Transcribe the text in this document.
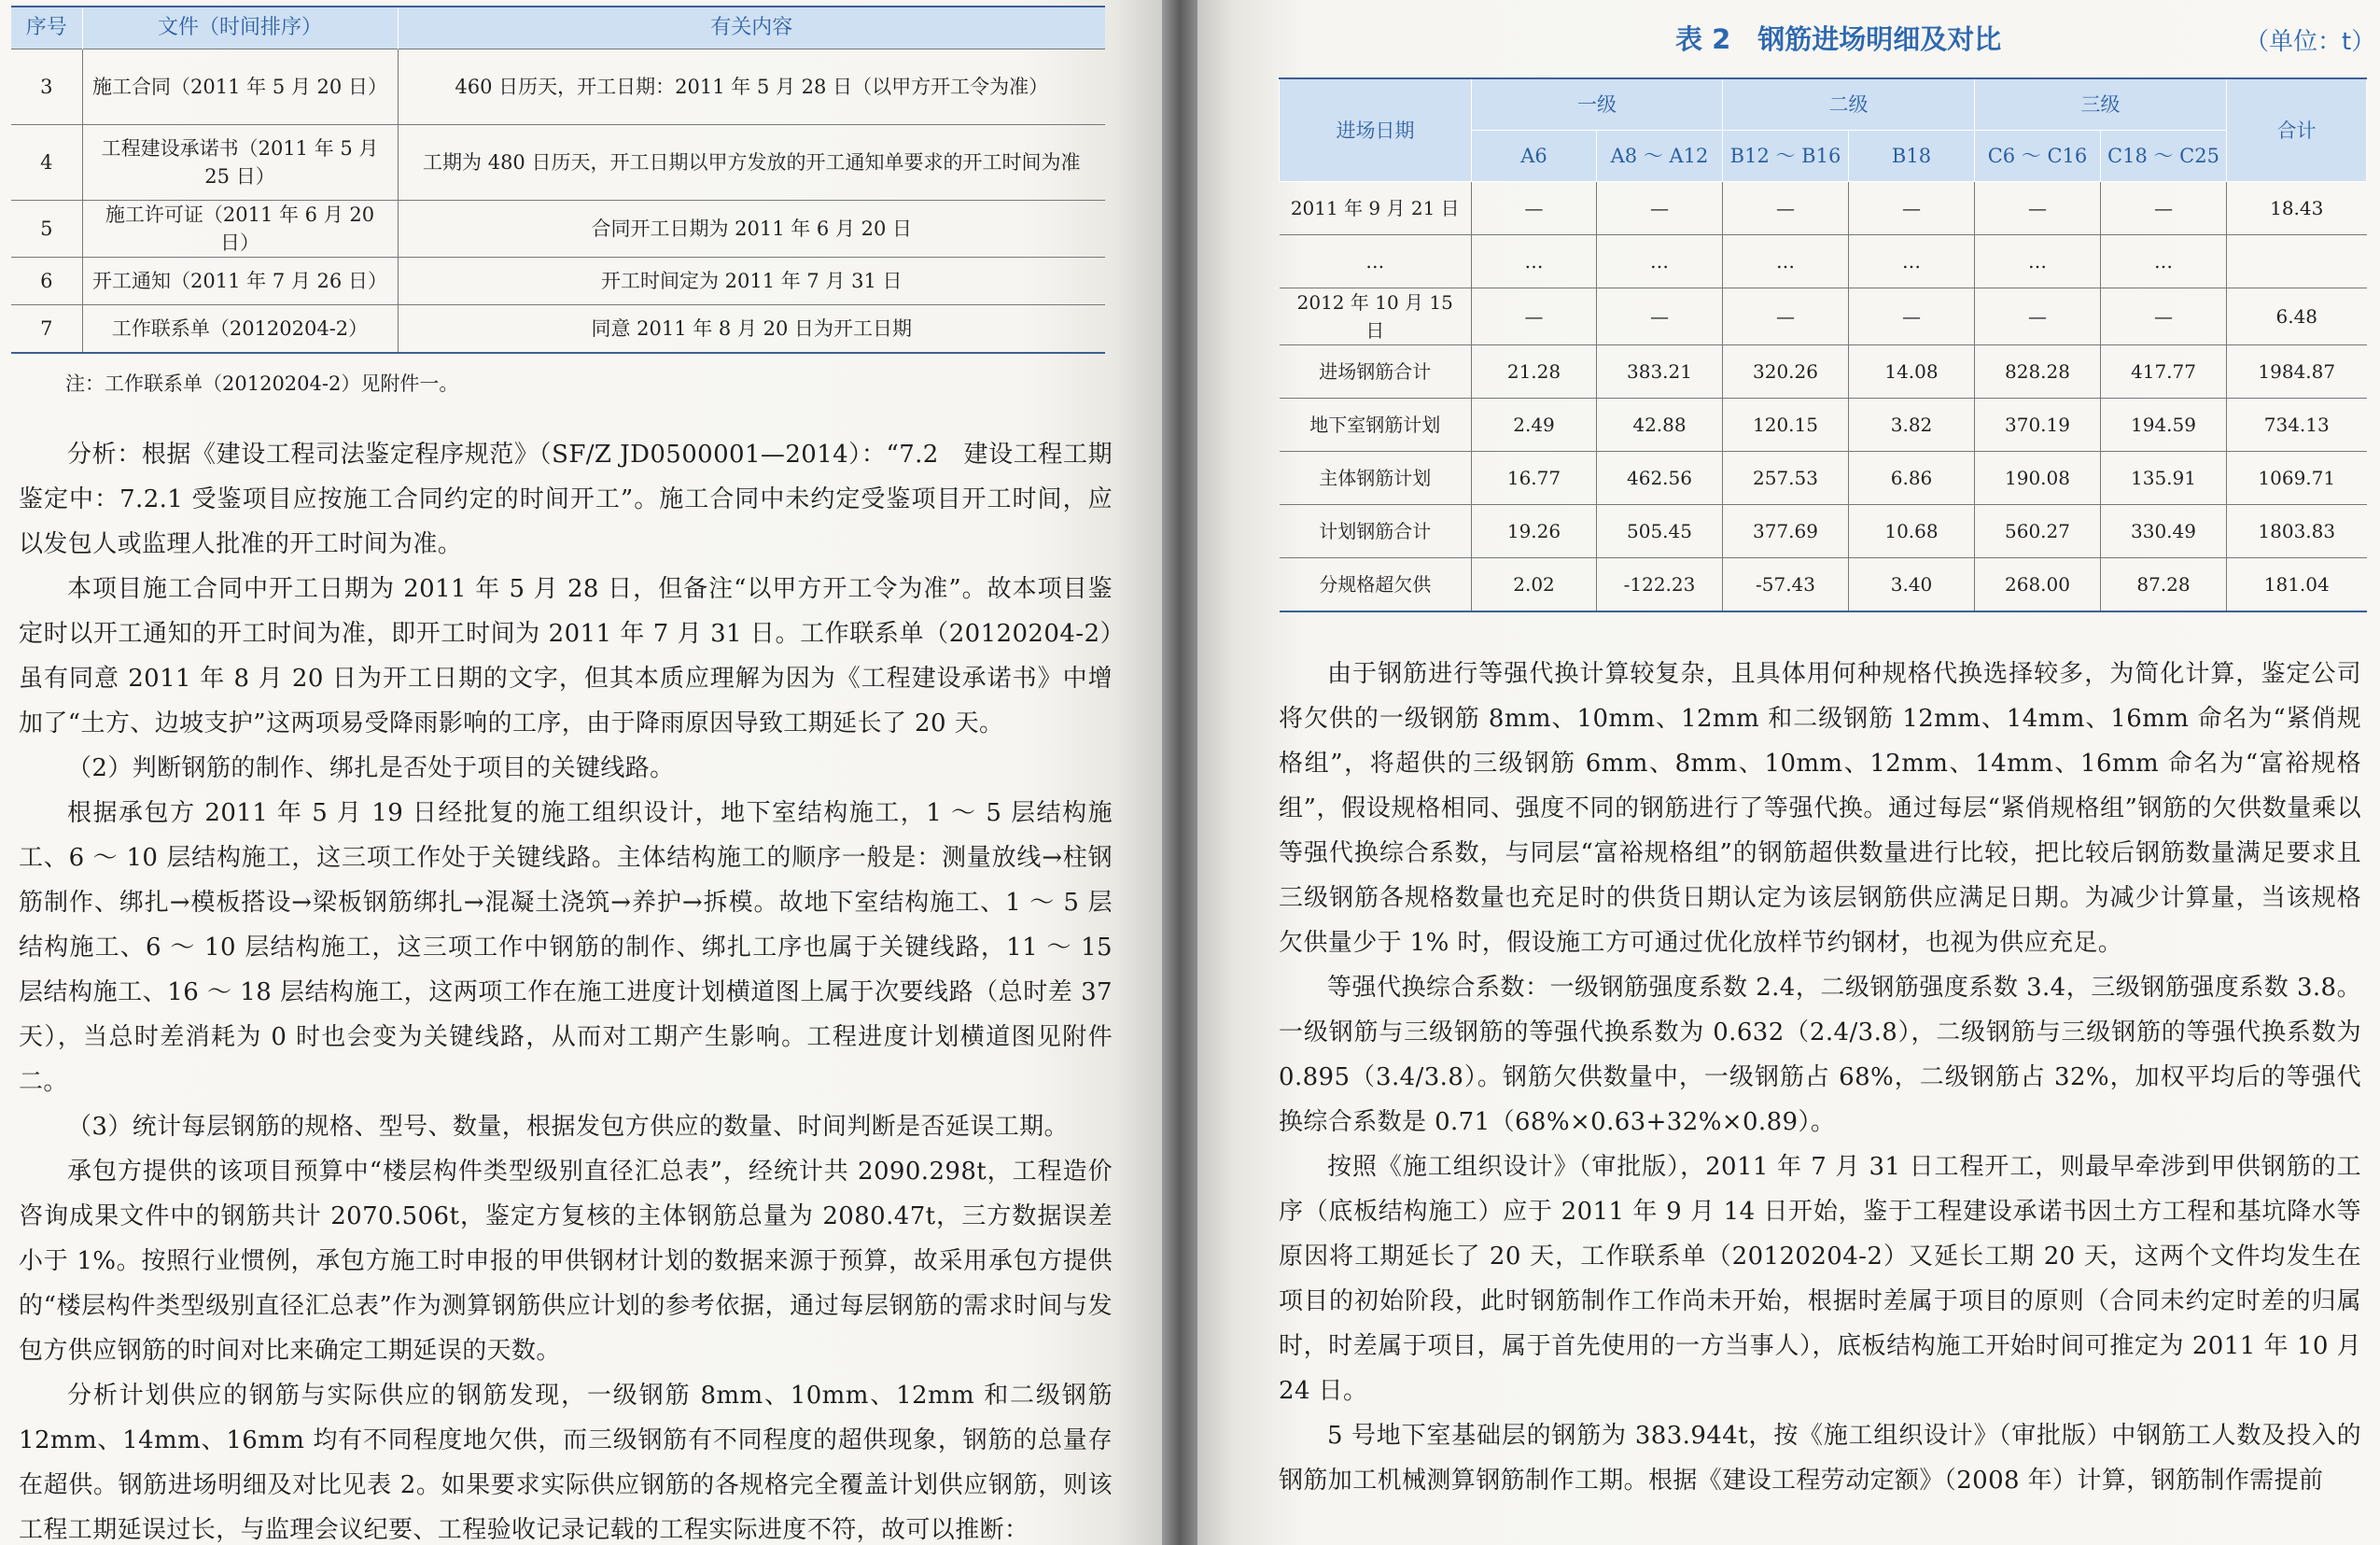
序号	文件（时间排序）	有关内容
3	施工合同（2011 年 5 月 20 日）	460 日历天，开工日期：2011 年 5 月 28 日（以甲方开工令为准）
4	工程建设承诺书（2011 年 5 月 25 日）	工期为 480 日历天，开工日期以甲方发放的开工通知单要求的开工时间为准
5	施工许可证（2011 年 6 月 20 日）	合同开工日期为 2011 年 6 月 20 日
6	开工通知（2011 年 7 月 26 日）	开工时间定为 2011 年 7 月 31 日
7	工作联系单（20120204-2）	同意 2011 年 8 月 20 日为开工日期
注：工作联系单（20120204-2）见附件一。

分析：根据《建设工程司法鉴定程序规范》（SF/Z JD0500001—2014）：“7.2　建设工程工期鉴定中：7.2.1 受鉴项目应按施工合同约定的时间开工”。施工合同中未约定受鉴项目开工时间，应以发包人或监理人批准的开工时间为准。

本项目施工合同中开工日期为 2011 年 5 月 28 日，但备注“以甲方开工令为准”。故本项目鉴定时以开工通知的开工时间为准，即开工时间为 2011 年 7 月 31 日。工作联系单（20120204-2）虽有同意 2011 年 8 月 20 日为开工日期的文字，但其本质应理解为因为《工程建设承诺书》中增加了“土方、边坡支护”这两项易受降雨影响的工序，由于降雨原因导致工期延长了 20 天。

（2）判断钢筋的制作、绑扎是否处于项目的关键线路。

根据承包方 2011 年 5 月 19 日经批复的施工组织设计，地下室结构施工，1 ～ 5 层结构施工、6 ～ 10 层结构施工，这三项工作处于关键线路。主体结构施工的顺序一般是：测量放线→柱钢筋制作、绑扎→模板搭设→梁板钢筋绑扎→混凝土浇筑→养护→拆模。故地下室结构施工、1 ～ 5 层结构施工、6 ～ 10 层结构施工，这三项工作中钢筋的制作、绑扎工序也属于关键线路，11 ～ 15 层结构施工、16 ～ 18 层结构施工，这两项工作在施工进度计划横道图上属于次要线路（总时差 37 天），当总时差消耗为 0 时也会变为关键线路，从而对工期产生影响。工程进度计划横道图见附件二。

（3）统计每层钢筋的规格、型号、数量，根据发包方供应的数量、时间判断是否延误工期。

承包方提供的该项目预算中“楼层构件类型级别直径汇总表”，经统计共 2090.298t，工程造价咨询成果文件中的钢筋共计 2070.506t，鉴定方复核的主体钢筋总量为 2080.47t，三方数据误差小于 1%。按照行业惯例，承包方施工时申报的甲供钢材计划的数据来源于预算，故采用承包方提供的“楼层构件类型级别直径汇总表”作为测算钢筋供应计划的参考依据，通过每层钢筋的需求时间与发包方供应钢筋的时间对比来确定工期延误的天数。

分析计划供应的钢筋与实际供应的钢筋发现，一级钢筋 8mm、10mm、12mm 和二级钢筋 12mm、14mm、16mm 均有不同程度地欠供，而三级钢筋有不同程度的超供现象，钢筋的总量存在超供。钢筋进场明细及对比见表 2。如果要求实际供应钢筋的各规格完全覆盖计划供应钢筋，则该工程工期延误过长，与监理会议纪要、工程验收记录记载的工程实际进度不符，故可以推断：

表 2　钢筋进场明细及对比	（单位：t）
进场日期	一级		二级		三级		合计
	A6	A8 ～ A12	B12 ～ B16	B18	C6 ～ C16	C18 ～ C25	
2011 年 9 月 21 日	—	—	—	—	—	—	18.43
…	…	…	…	…	…	…	
2012 年 10 月 15 日	—	—	—	—	—	—	6.48
进场钢筋合计	21.28	383.21	320.26	14.08	828.28	417.77	1984.87
地下室钢筋计划	2.49	42.88	120.15	3.82	370.19	194.59	734.13
主体钢筋计划	16.77	462.56	257.53	6.86	190.08	135.91	1069.71
计划钢筋合计	19.26	505.45	377.69	10.68	560.27	330.49	1803.83
分规格超欠供	2.02	-122.23	-57.43	3.40	268.00	87.28	181.04

由于钢筋进行等强代换计算较复杂，且具体用何种规格代换选择较多，为简化计算，鉴定公司将欠供的一级钢筋 8mm、10mm、12mm 和二级钢筋 12mm、14mm、16mm 命名为“紧俏规格组”，将超供的三级钢筋 6mm、8mm、10mm、12mm、14mm、16mm 命名为“富裕规格组”，假设规格相同、强度不同的钢筋进行了等强代换。通过每层“紧俏规格组”钢筋的欠供数量乘以等强代换综合系数，与同层“富裕规格组”的钢筋超供数量进行比较，把比较后钢筋数量满足要求且三级钢筋各规格数量也充足时的供货日期认定为该层钢筋供应满足日期。为减少计算量，当该规格欠供量少于 1% 时，假设施工方可通过优化放样节约钢材，也视为供应充足。

等强代换综合系数：一级钢筋强度系数 2.4，二级钢筋强度系数 3.4，三级钢筋强度系数 3.8。一级钢筋与三级钢筋的等强代换系数为 0.632（2.4/3.8），二级钢筋与三级钢筋的等强代换系数为 0.895（3.4/3.8）。钢筋欠供数量中，一级钢筋占 68%，二级钢筋占 32%，加权平均后的等强代换综合系数是 0.71（68%×0.63+32%×0.89）。

按照《施工组织设计》（审批版），2011 年 7 月 31 日工程开工，则最早牵涉到甲供钢筋的工序（底板结构施工）应于 2011 年 9 月 14 日开始，鉴于工程建设承诺书因土方工程和基坑降水等原因将工期延长了 20 天，工作联系单（20120204-2）又延长工期 20 天，这两个文件均发生在项目的初始阶段，此时钢筋制作工作尚未开始，根据时差属于项目的原则（合同未约定时差的归属时，时差属于项目，属于首先使用的一方当事人），底板结构施工开始时间可推定为 2011 年 10 月 24 日。

5 号地下室基础层的钢筋为 383.944t，按《施工组织设计》（审批版）中钢筋工人数及投入的钢筋加工机械测算钢筋制作工期。根据《建设工程劳动定额》（2008 年）计算，钢筋制作需提前
